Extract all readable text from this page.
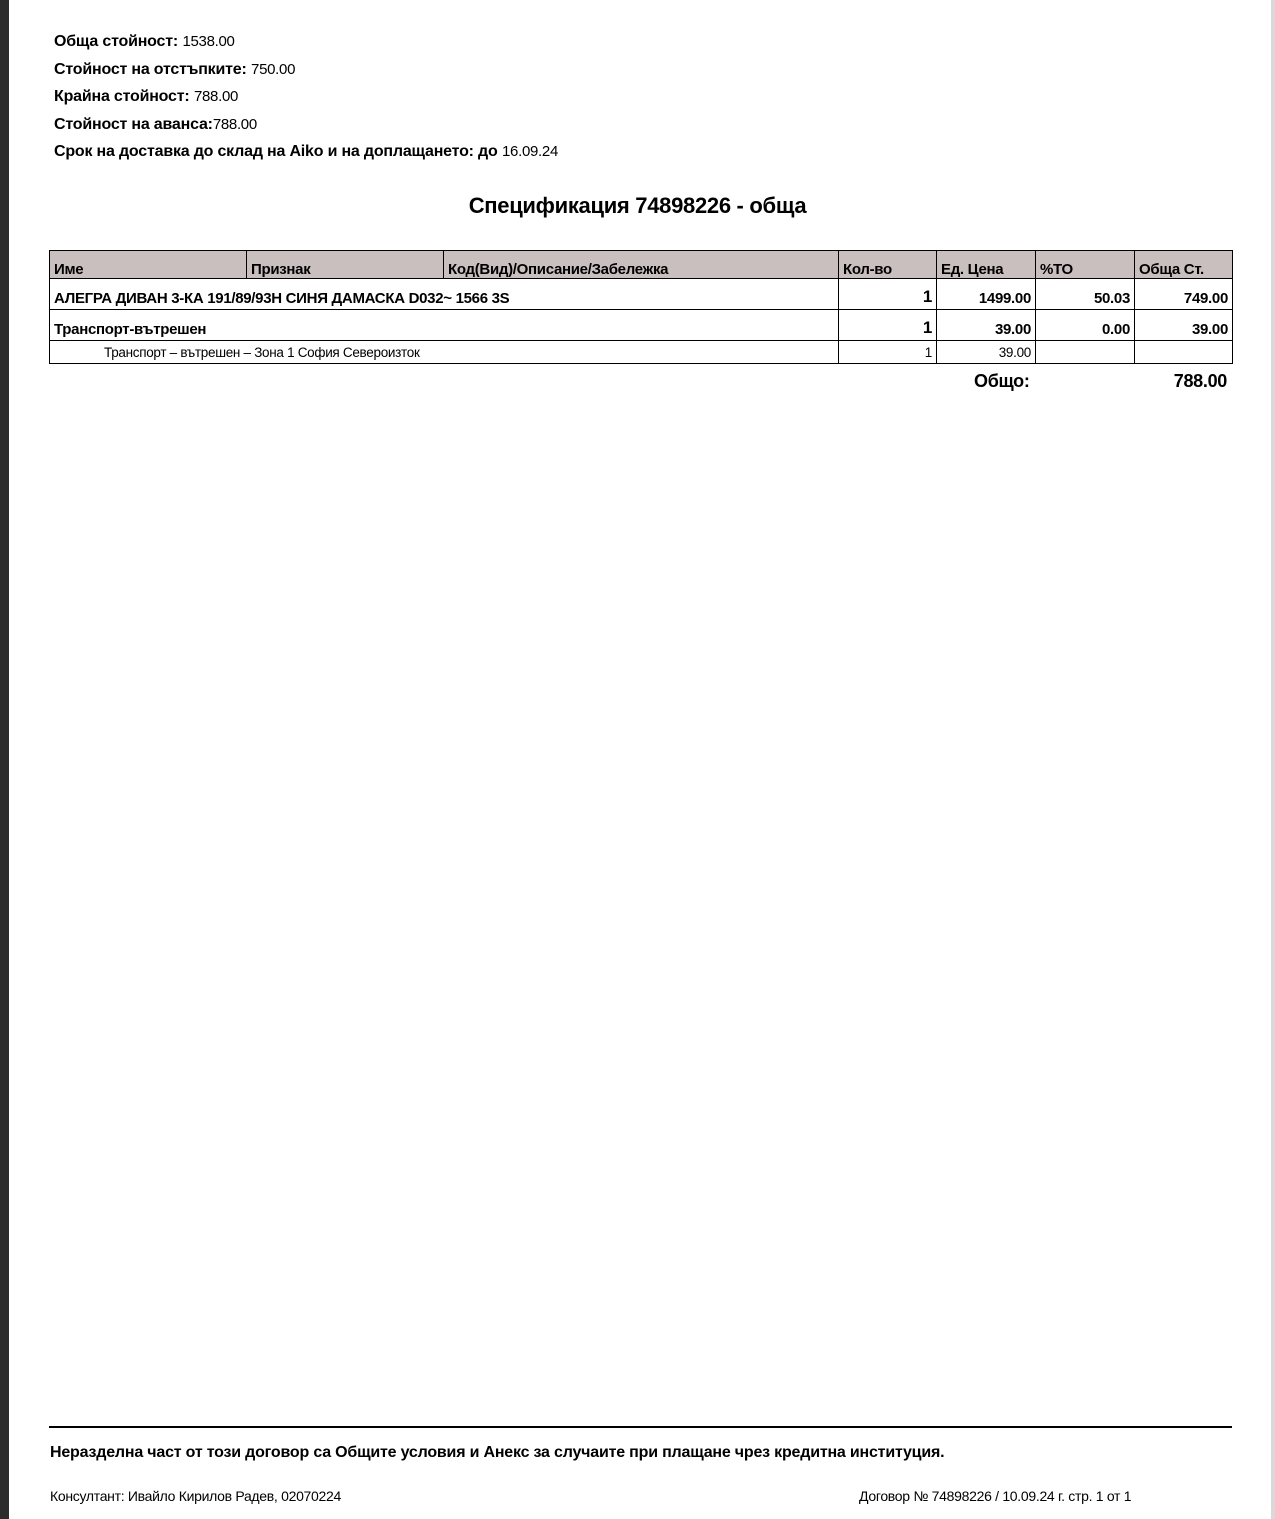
Обща стойност: 1538.00
Стойност на отстъпките: 750.00
Крайна стойност: 788.00
Стойност на аванса:788.00
Срок на доставка до склад на Aiko и на доплащането: до 16.09.24
Спецификация 74898226 - обща
Име	Признак	Код(Вид)/Описание/Забележка	Кол-во	Ед. Цена	%ТО	Обща Ст.
АЛЕГРА ДИВАН 3-КА 191/89/93Н СИНЯ ДАМАСКА D032~ 1566 3S			1	1499.00	50.03	749.00
Транспорт-вътрешен			1	39.00	0.00	39.00
Транспорт – вътрешен – Зона 1 София Североизток			1	39.00		
Общо:	788.00
Неразделна част от този договор са Общите условия и Анекс за случаите при плащане чрез кредитна институция.
Консултант: Ивайло Кирилов Радев, 02070224	Договор № 74898226 / 10.09.24 г. стр. 1 от 1
